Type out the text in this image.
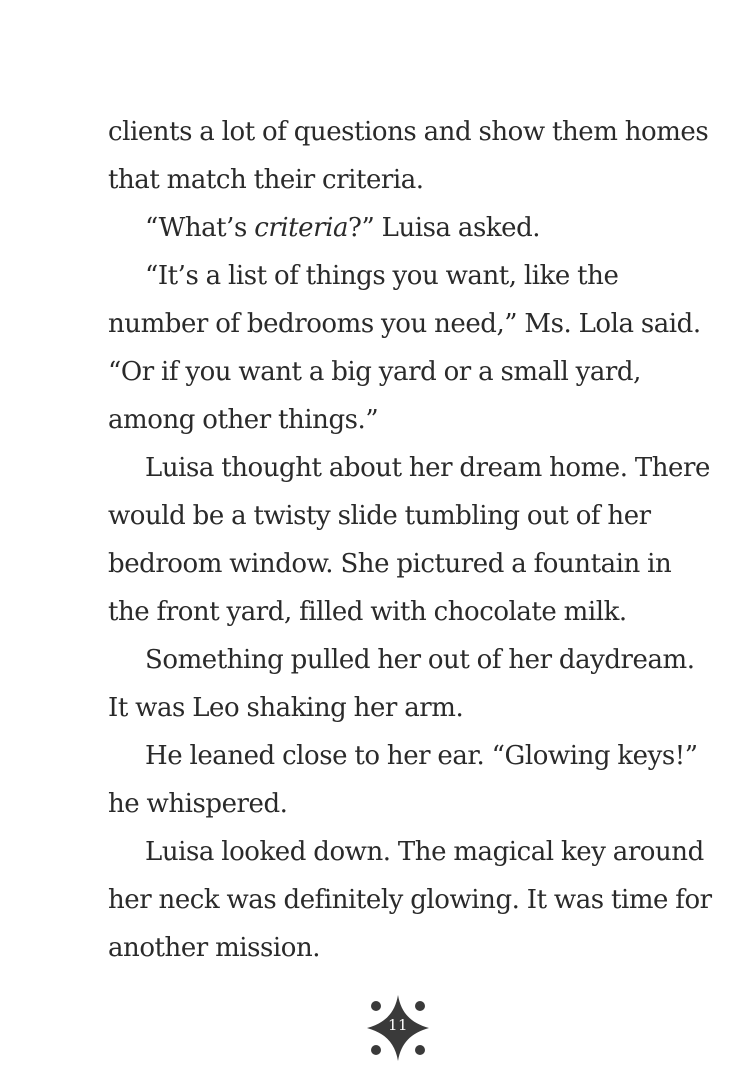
clients a lot of questions and show them homes
that match their criteria.
“What’s criteria?” Luisa asked.
“It’s a list of things you want, like the
number of bedrooms you need,” Ms. Lola said.
“Or if you want a big yard or a small yard,
among other things.”
Luisa thought about her dream home. There
would be a twisty slide tumbling out of her
bedroom window. She pictured a fountain in
the front yard, filled with chocolate milk.
Something pulled her out of her daydream.
It was Leo shaking her arm.
He leaned close to her ear. “Glowing keys!”
he whispered.
Luisa looked down. The magical key around
her neck was definitely glowing. It was time for
another mission.
11
